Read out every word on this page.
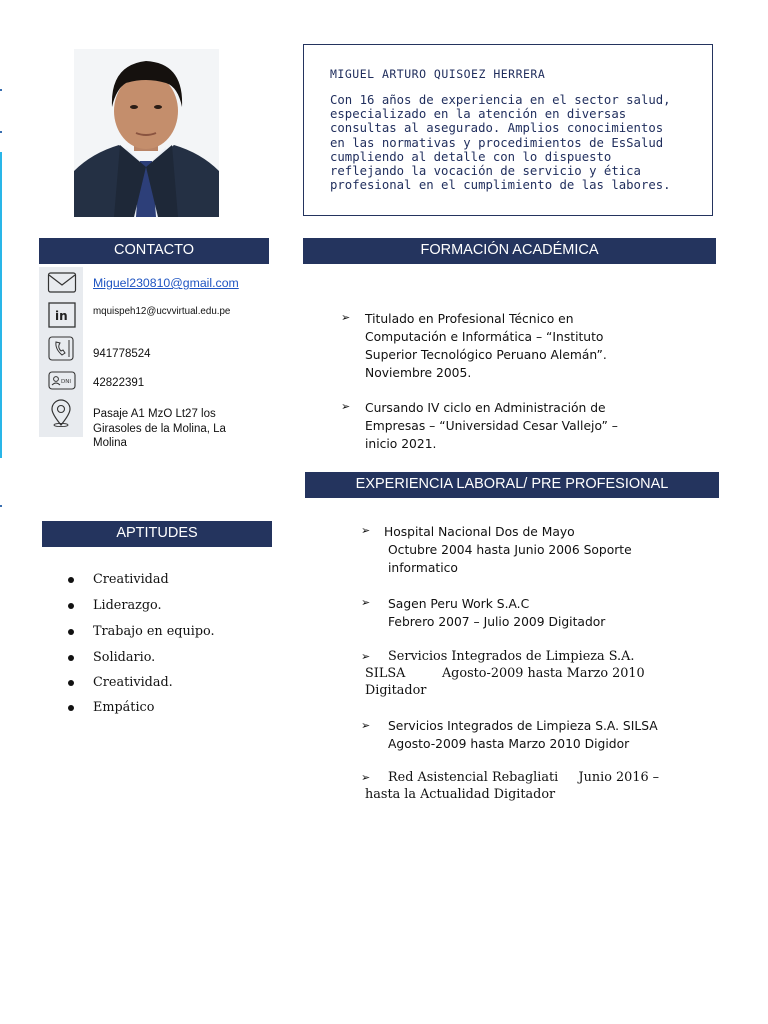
MIGUEL ARTURO QUISOEZ HERRERA
Con 16 años de experiencia en el sector salud,
especializado en la atención en diversas
consultas al asegurado. Amplios conocimientos
en las normativas y procedimientos de EsSalud
cumpliendo al detalle con lo dispuesto
reflejando la vocación de servicio y ética
profesional en el cumplimiento de las labores.
CONTACTO	FORMACIÓN ACADÉMICA
EXPERIENCIA LABORAL/ PRE PROFESIONAL
APTITUDES
in
DNI
Miguel230810@gmail.com
mquispeh12@ucvvirtual.edu.pe
941778524
42822391
Pasaje A1 MzO Lt27 los
Girasoles de la Molina, La
Molina
➢ Titulado en Profesional Técnico en
Computación e Informática – “Instituto
Superior Tecnológico Peruano Alemán”.
Noviembre 2005.
➢ Cursando IV ciclo en Administración de
Empresas – “Universidad Cesar Vallejo” –
inicio 2021.
➢ Hospital Nacional Dos de Mayo
Octubre 2004 hasta Junio 2006 Soporte
informatico
➢ Sagen Peru Work S.A.C
Febrero 2007 – Julio 2009 Digitador
➢ Servicios Integrados de Limpieza S.A.
SILSA         Agosto-2009 hasta Marzo 2010
Digitador
➢ Servicios Integrados de Limpieza S.A. SILSA
Agosto-2009 hasta Marzo 2010 Digidor
➢ Red Asistencial Rebagliati     Junio 2016 –
hasta la Actualidad Digitador
Creatividad
Liderazgo.
Trabajo en equipo.
Solidario.
Creatividad.
Empático
